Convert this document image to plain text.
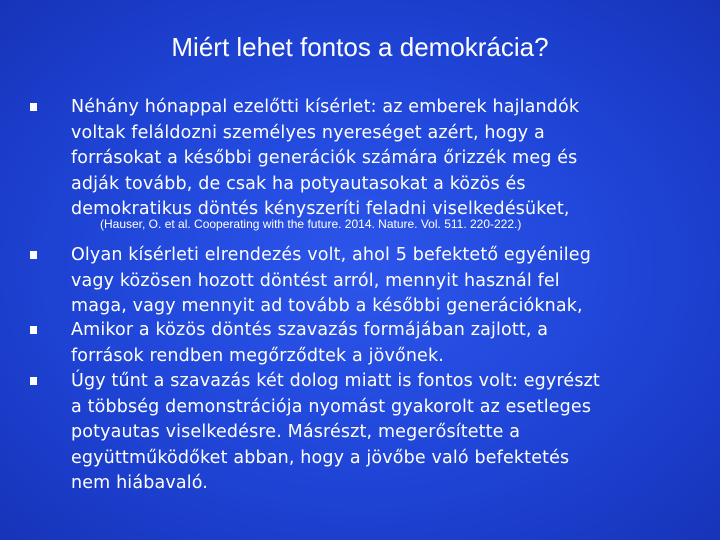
Miért lehet fontos a demokrácia?
Néhány hónappal ezelőtti kísérlet: az emberek hajlandók
voltak feláldozni személyes nyereséget azért, hogy a
forrásokat a későbbi generációk számára őrizzék meg és
adják tovább, de csak ha potyautasokat a közös és
demokratikus döntés kényszeríti feladni viselkedésüket,
(Hauser, O. et al. Cooperating with the future. 2014. Nature. Vol. 511. 220-222.)
Olyan kísérleti elrendezés volt, ahol 5 befektető egyénileg
vagy közösen hozott döntést arról, mennyit használ fel
maga, vagy mennyit ad tovább a későbbi generációknak,
Amikor a közös döntés szavazás formájában zajlott, a
források rendben megőrződtek a jövőnek.
Úgy tűnt a szavazás két dolog miatt is fontos volt: egyrészt
a többség demonstrációja nyomást gyakorolt az esetleges
potyautas viselkedésre. Másrészt, megerősítette a
együttműködőket abban, hogy a jövőbe való befektetés
nem hiábavaló.
